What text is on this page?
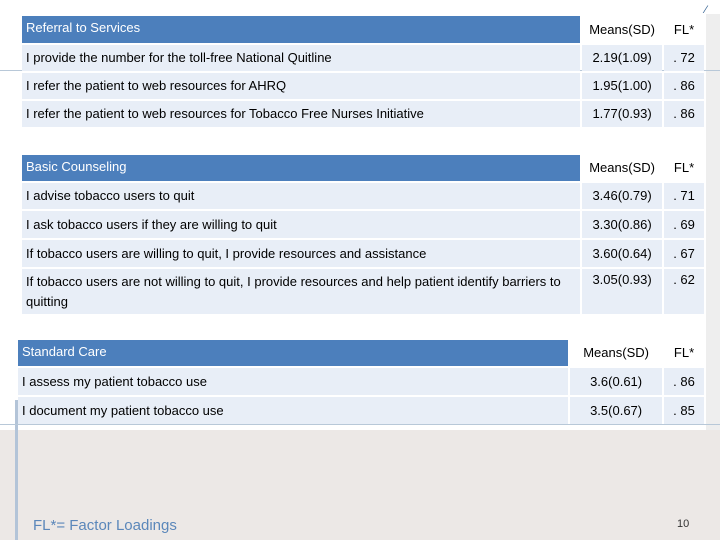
⁄
Referral to Services	Means(SD)	FL*
I provide the number for the toll-free National Quitline	2.19(1.09)	. 72
I refer the patient to web resources for AHRQ	1.95(1.00)	. 86
I refer the patient to web resources for Tobacco Free Nurses Initiative	1.77(0.93)	. 86
Basic Counseling	Means(SD)	FL*
I advise tobacco users to quit	3.46(0.79)	. 71
I ask tobacco users if they are willing to quit	3.30(0.86)	. 69
If tobacco users are willing to quit, I provide resources and assistance	3.60(0.64)	. 67
If tobacco users are not willing to quit, I provide resources and help patient identify barriers to quitting	3.05(0.93)	. 62
Standard Care	Means(SD)	FL*
I assess my patient tobacco use	3.6(0.61)	. 86
I document my patient tobacco use	3.5(0.67)	. 85
FL*= Factor Loadings	10
